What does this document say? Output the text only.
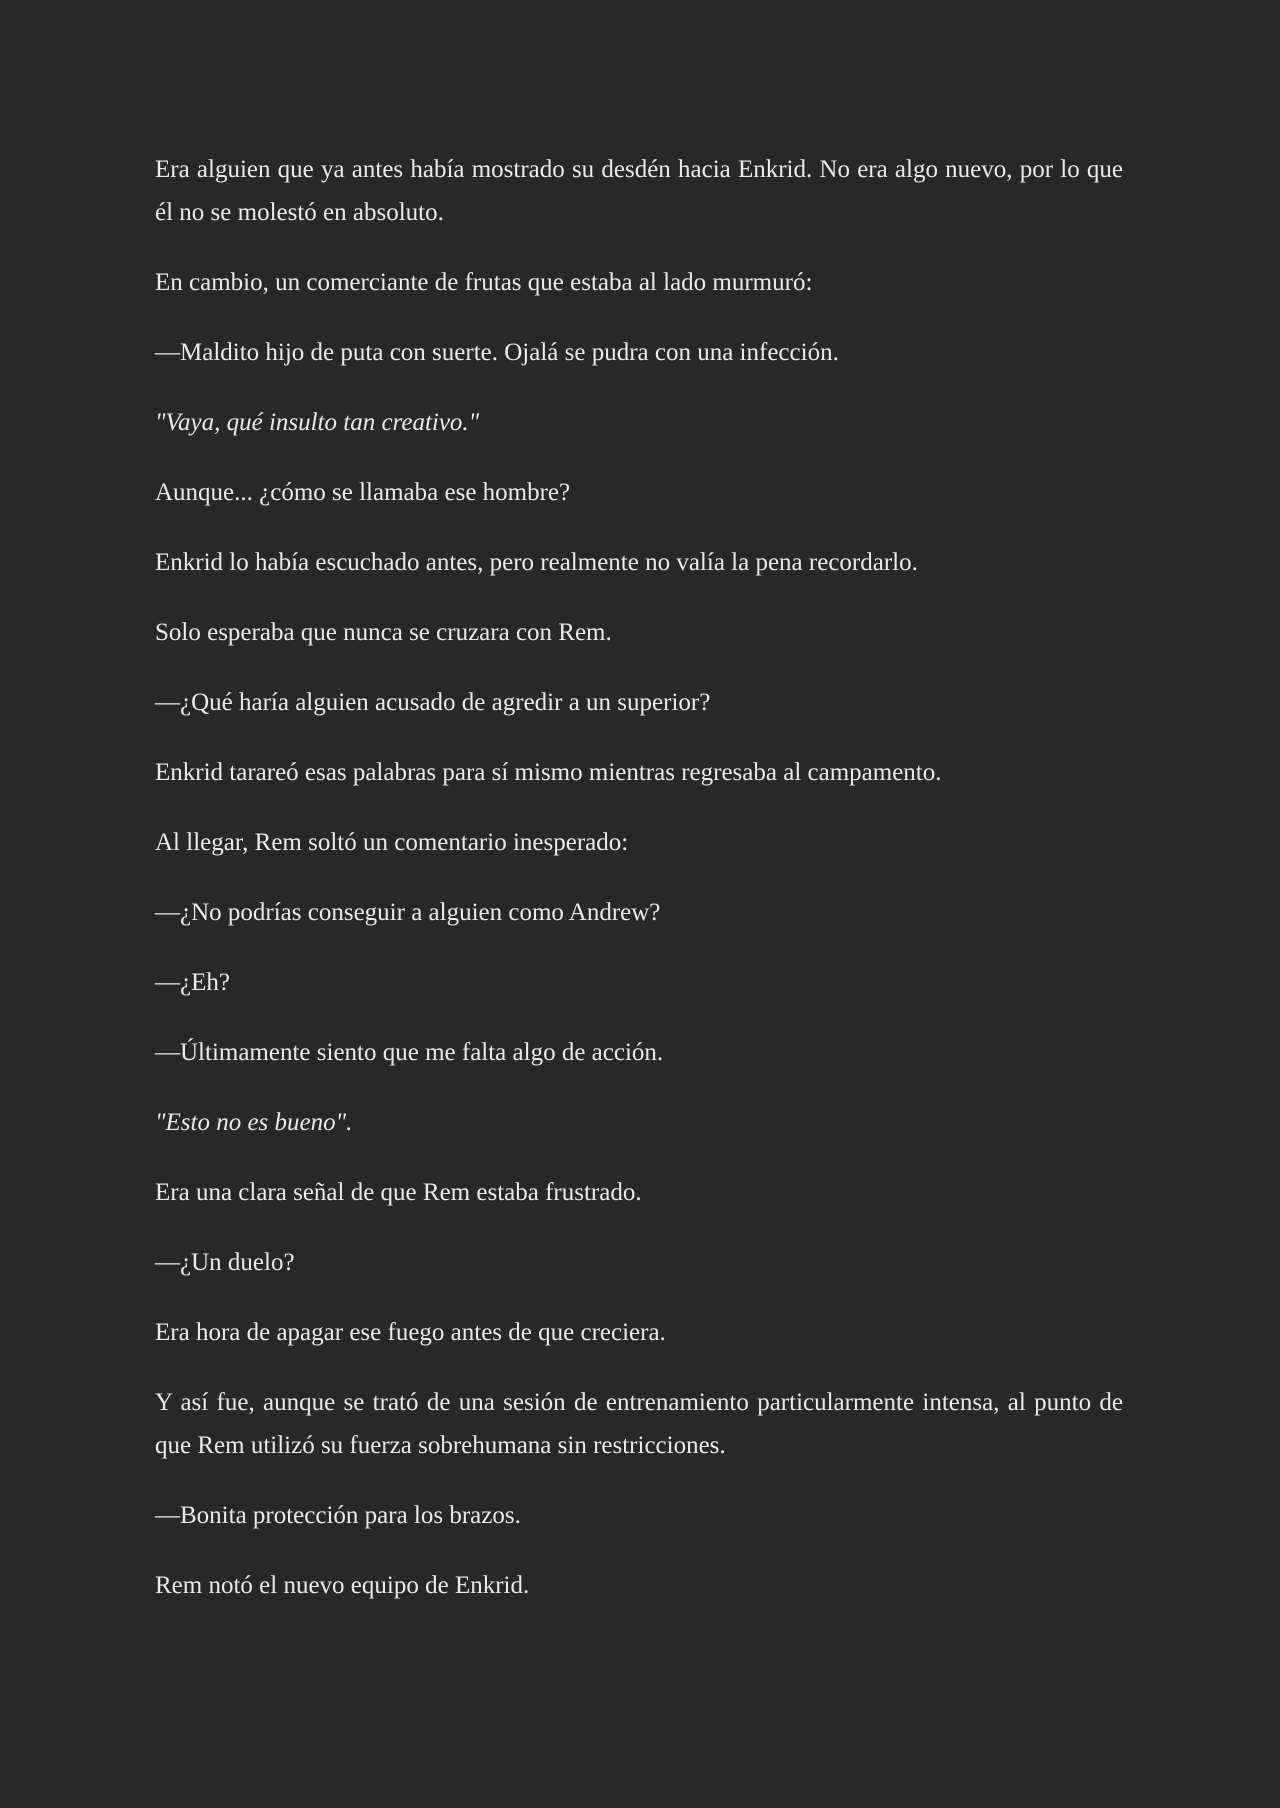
Era alguien que ya antes había mostrado su desdén hacia Enkrid. No era algo nuevo, por lo que él no se molestó en absoluto.

En cambio, un comerciante de frutas que estaba al lado murmuró:

—Maldito hijo de puta con suerte. Ojalá se pudra con una infección.

"Vaya, qué insulto tan creativo."

Aunque... ¿cómo se llamaba ese hombre?

Enkrid lo había escuchado antes, pero realmente no valía la pena recordarlo.

Solo esperaba que nunca se cruzara con Rem.

—¿Qué haría alguien acusado de agredir a un superior?

Enkrid tarareó esas palabras para sí mismo mientras regresaba al campamento.

Al llegar, Rem soltó un comentario inesperado:

—¿No podrías conseguir a alguien como Andrew?

—¿Eh?

—Últimamente siento que me falta algo de acción.

"Esto no es bueno".

Era una clara señal de que Rem estaba frustrado.

—¿Un duelo?

Era hora de apagar ese fuego antes de que creciera.

Y así fue, aunque se trató de una sesión de entrenamiento particularmente intensa, al punto de que Rem utilizó su fuerza sobrehumana sin restricciones.

—Bonita protección para los brazos.

Rem notó el nuevo equipo de Enkrid.
